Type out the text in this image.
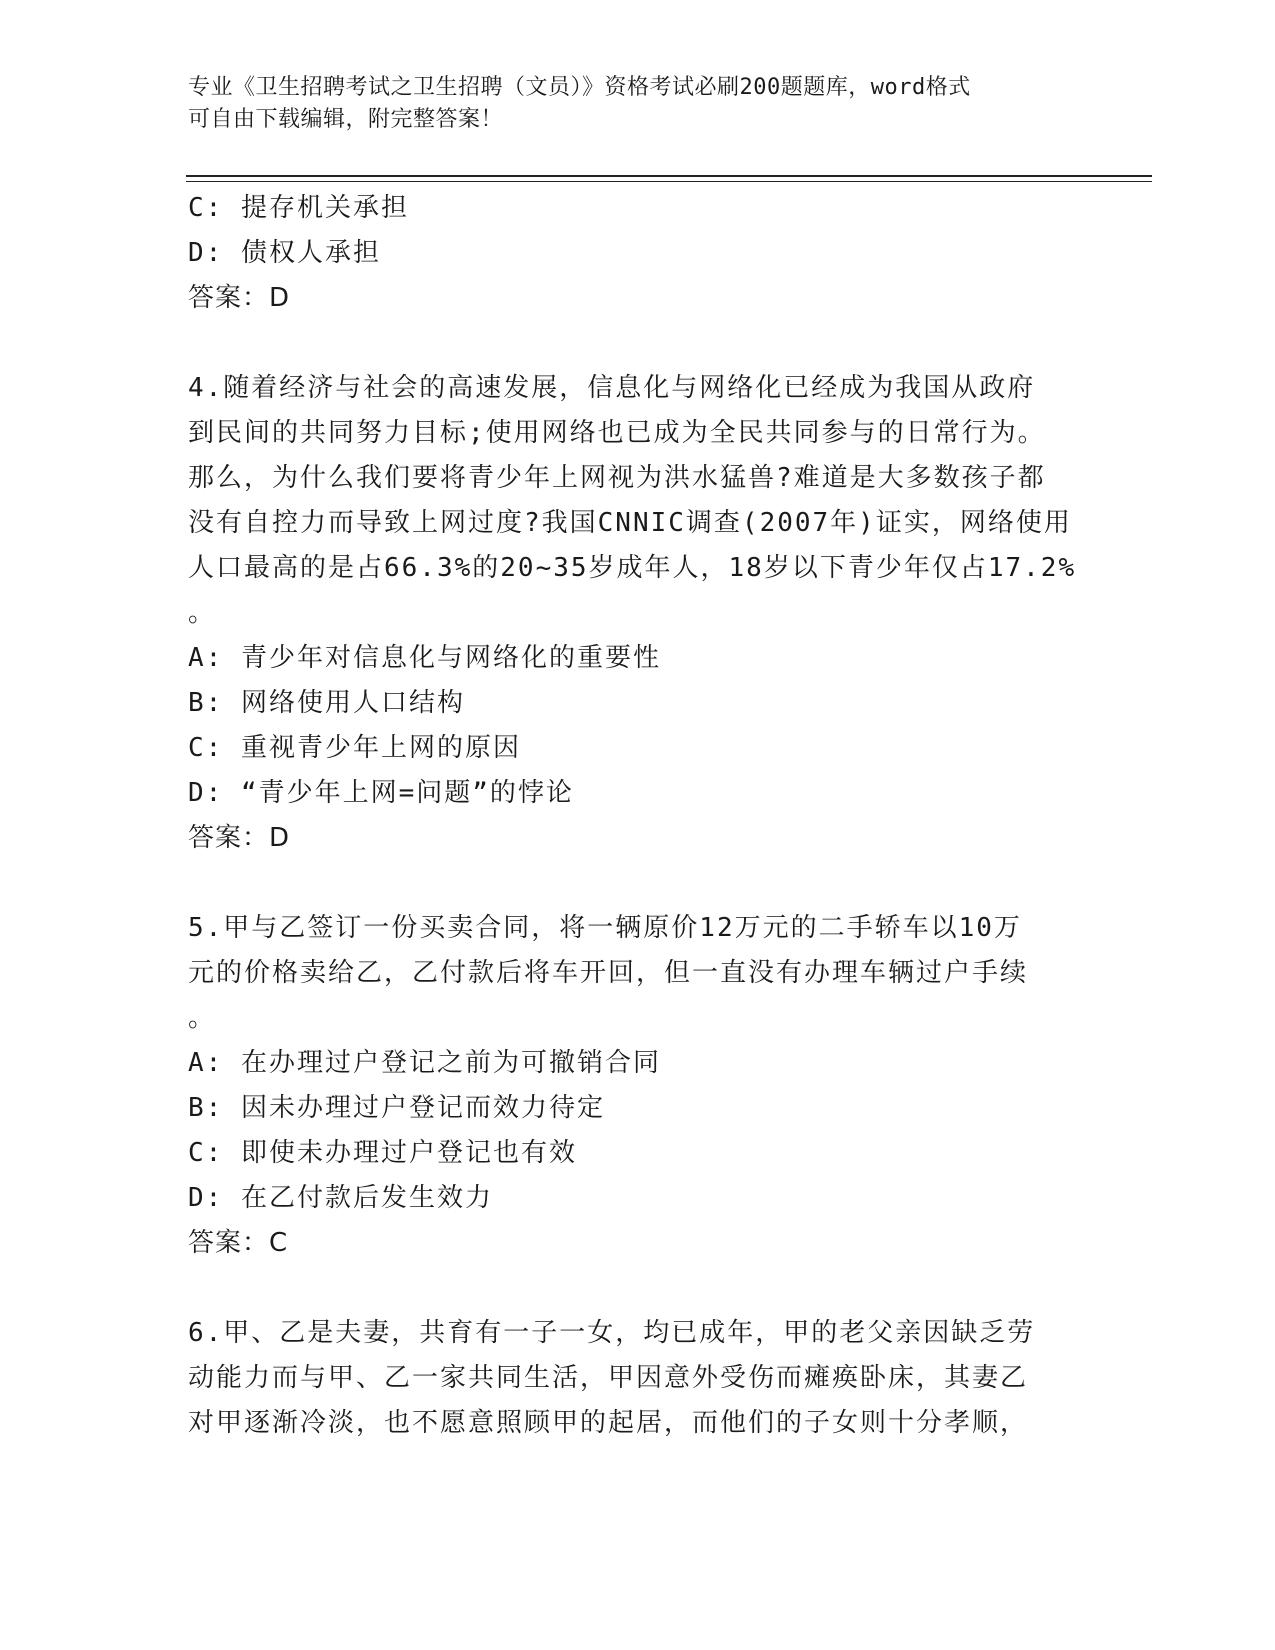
专业《卫生招聘考试之卫生招聘（文员）》资格考试必刷200题题库，word格式
可自由下载编辑，附完整答案！
C: 提存机关承担
D: 债权人承担
答案：D
4.随着经济与社会的高速发展，信息化与网络化已经成为我国从政府
到民间的共同努力目标;使用网络也已成为全民共同参与的日常行为。
那么，为什么我们要将青少年上网视为洪水猛兽?难道是大多数孩子都
没有自控力而导致上网过度?我国CNNIC调查(2007年)证实，网络使用
人口最高的是占66.3%的20~35岁成年人，18岁以下青少年仅占17.2%
。
A: 青少年对信息化与网络化的重要性
B: 网络使用人口结构
C: 重视青少年上网的原因
D: “青少年上网=问题”的悖论
答案：D
5.甲与乙签订一份买卖合同，将一辆原价12万元的二手轿车以10万
元的价格卖给乙，乙付款后将车开回，但一直没有办理车辆过户手续
。
A: 在办理过户登记之前为可撤销合同
B: 因未办理过户登记而效力待定
C: 即使未办理过户登记也有效
D: 在乙付款后发生效力
答案：C
6.甲、乙是夫妻，共育有一子一女，均已成年，甲的老父亲因缺乏劳
动能力而与甲、乙一家共同生活，甲因意外受伤而瘫痪卧床，其妻乙
对甲逐渐冷淡，也不愿意照顾甲的起居，而他们的子女则十分孝顺，
